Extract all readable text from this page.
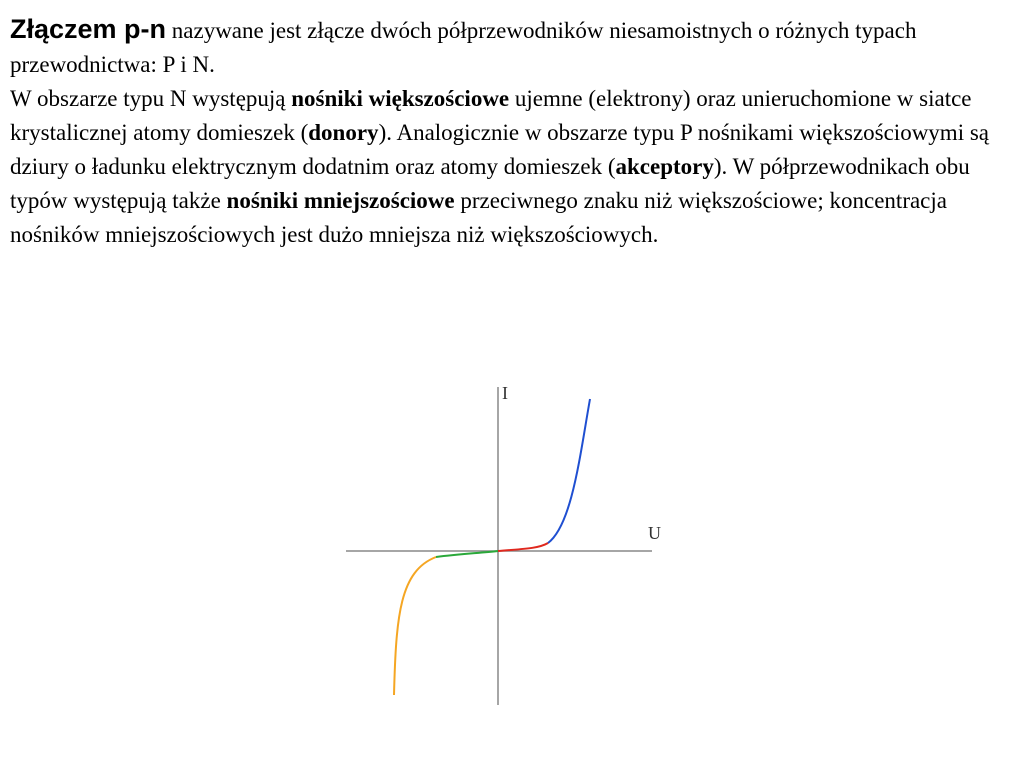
Złączem p-n nazywane jest złącze dwóch półprzewodników niesamoistnych o różnych typach przewodnictwa: P i N.

W obszarze typu N występują nośniki większościowe ujemne (elektrony) oraz unieruchomione w siatce krystalicznej atomy domieszek (donory). Analogicznie w obszarze typu P nośnikami większościowymi są dziury o ładunku elektrycznym dodatnim oraz atomy domieszek (akceptory). W półprzewodnikach obu typów występują także nośniki mniejszościowe przeciwnego znaku niż większościowe; koncentracja nośników mniejszościowych jest dużo mniejsza niż większościowych.

I
U
